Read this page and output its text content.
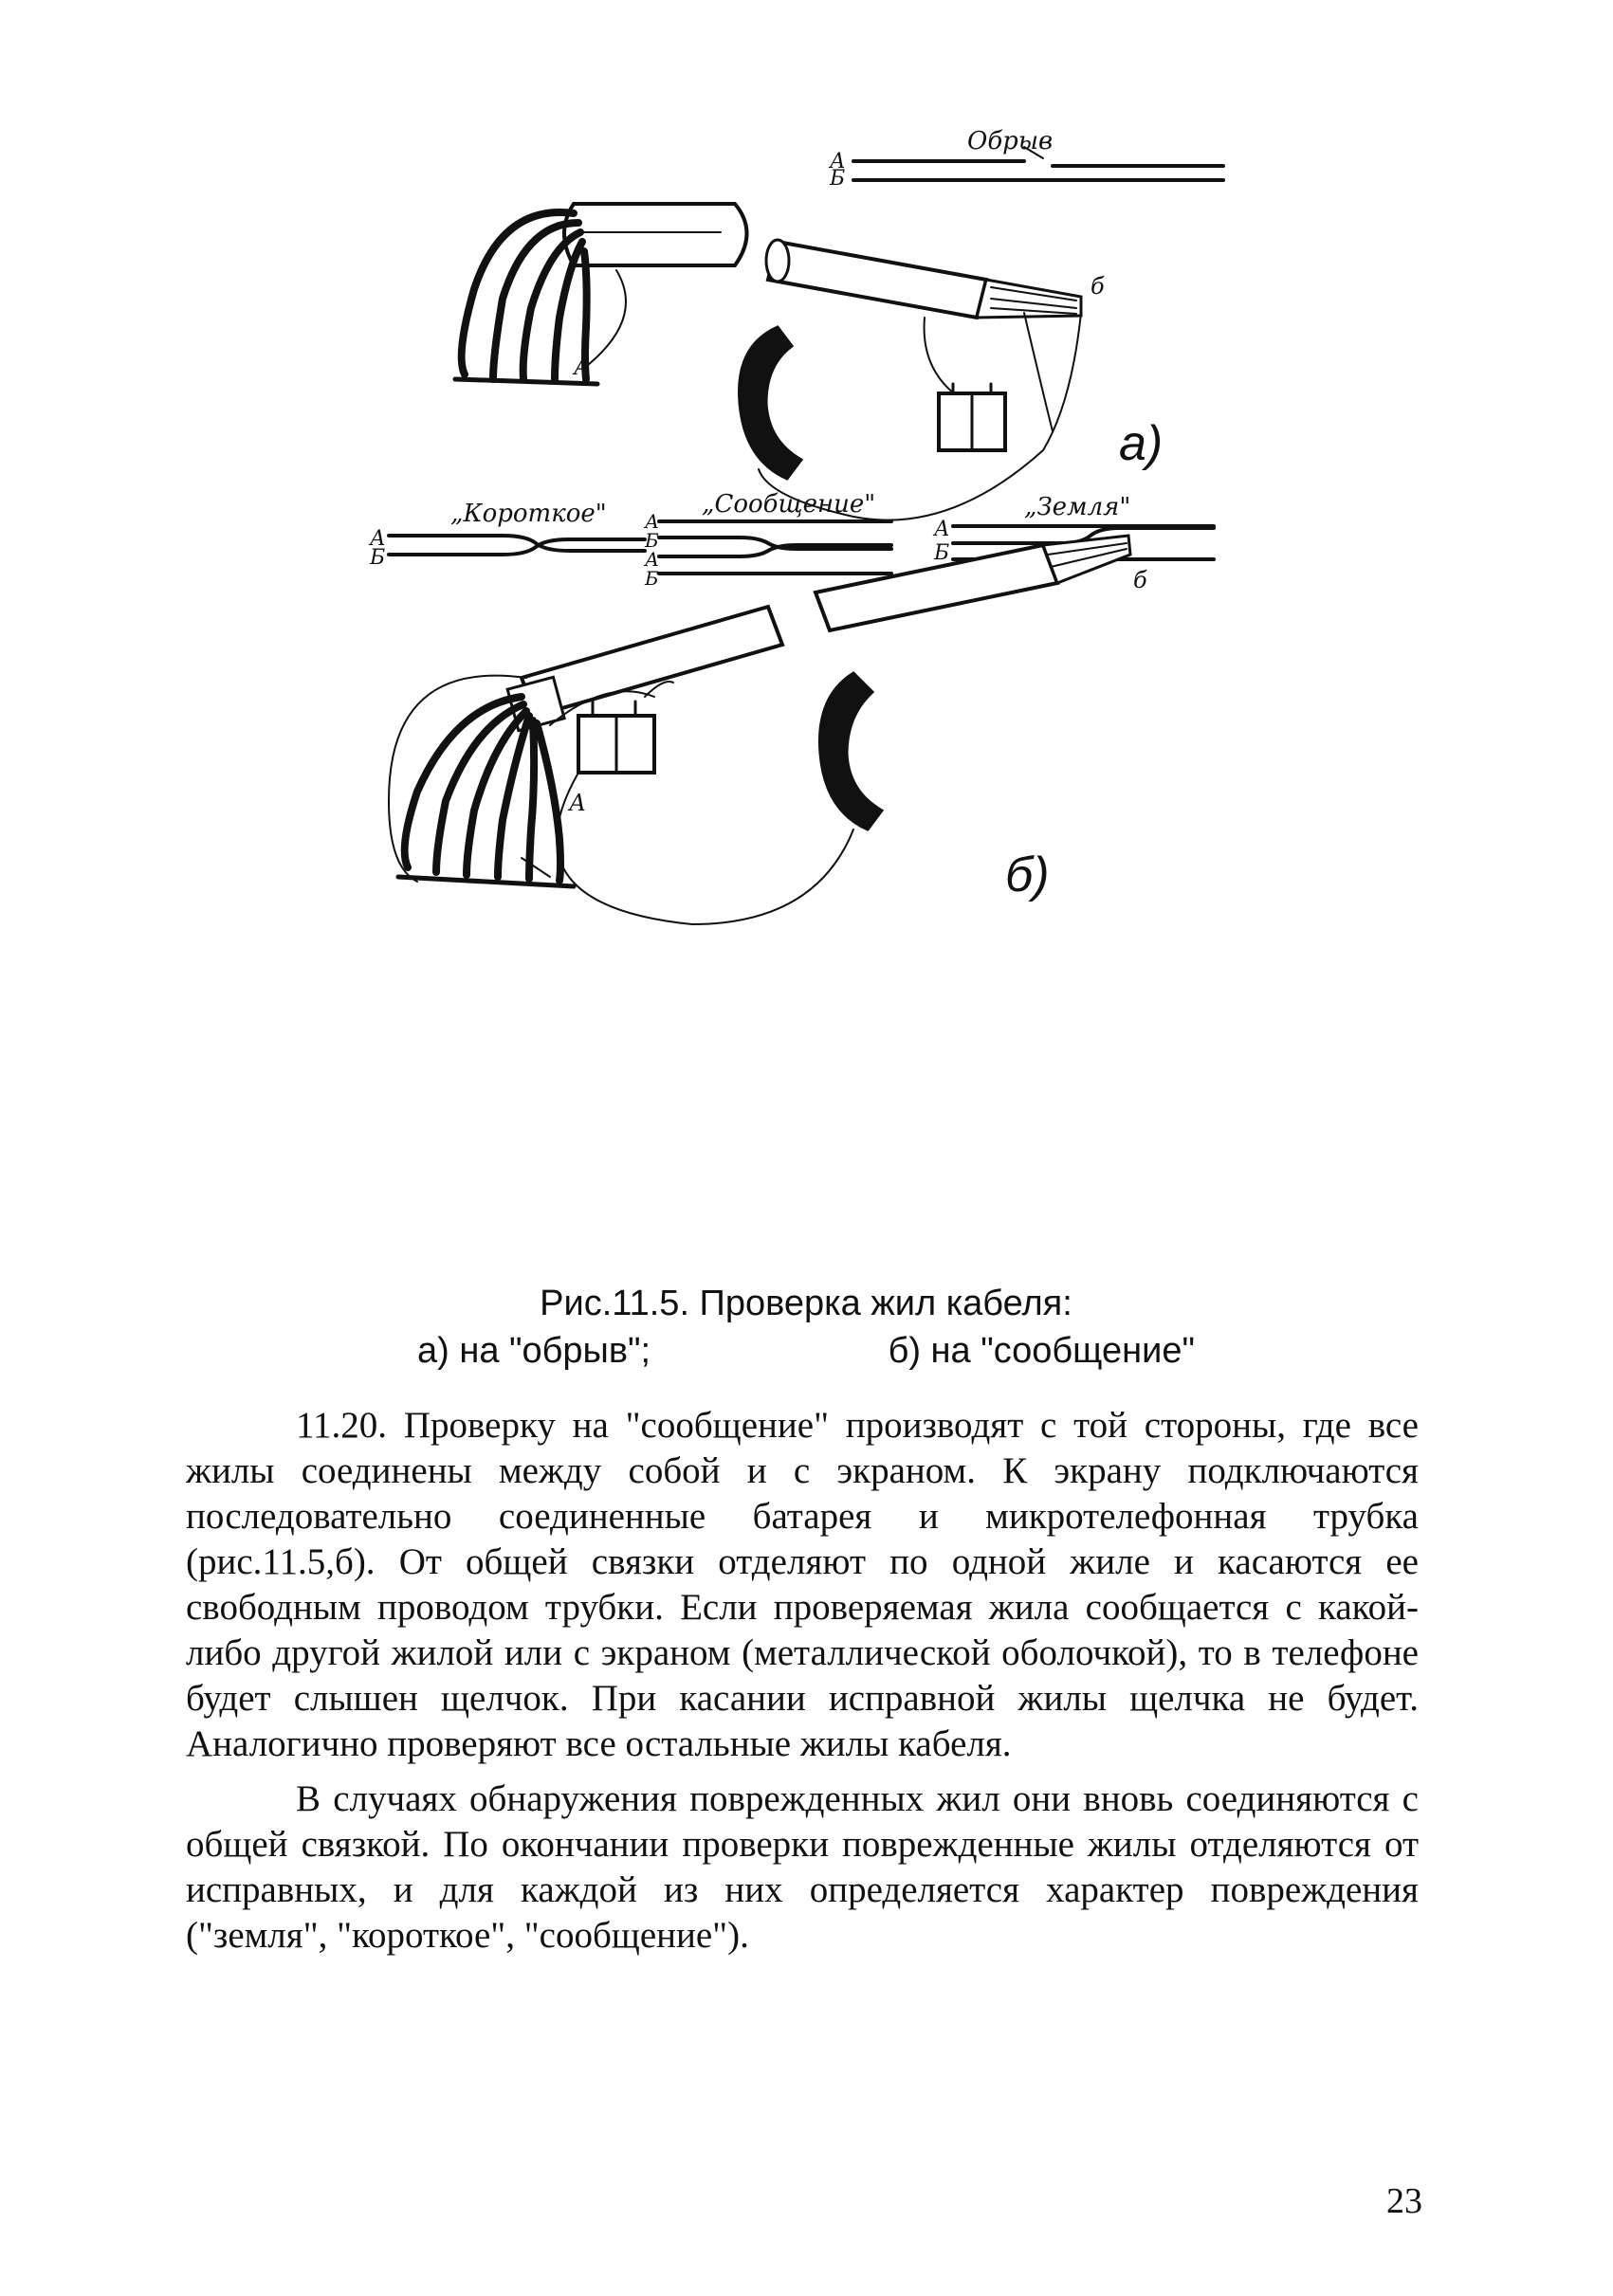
Обрыв
А
Б
А
б
а)
„Короткое"
А
Б
„Сообщение"
А
Б
А
Б
„Земля"
А
Б
б
А
б)
Рис.11.5. Проверка жил кабеля:
а) на "обрыв";	б) на "сообщение"

11.20. Проверку на "сообщение" производят с той стороны, где все жилы соединены между собой и с экраном. К экрану подключаются последовательно соединенные батарея и микротелефонная трубка (рис.11.5,б). От общей связки отделяют по одной жиле и касаются ее свободным проводом трубки. Если проверяемая жила сообщается с какой-либо другой жилой или с экраном (металлической оболочкой), то в телефоне будет слышен щелчок. При касании исправной жилы щелчка не будет. Аналогично проверяют все остальные жилы кабеля.

В случаях обнаружения поврежденных жил они вновь соединяются с общей связкой. По окончании проверки поврежденные жилы отделяются от исправных, и для каждой из них определяется характер повреждения ("земля", "короткое", "сообщение").

23
